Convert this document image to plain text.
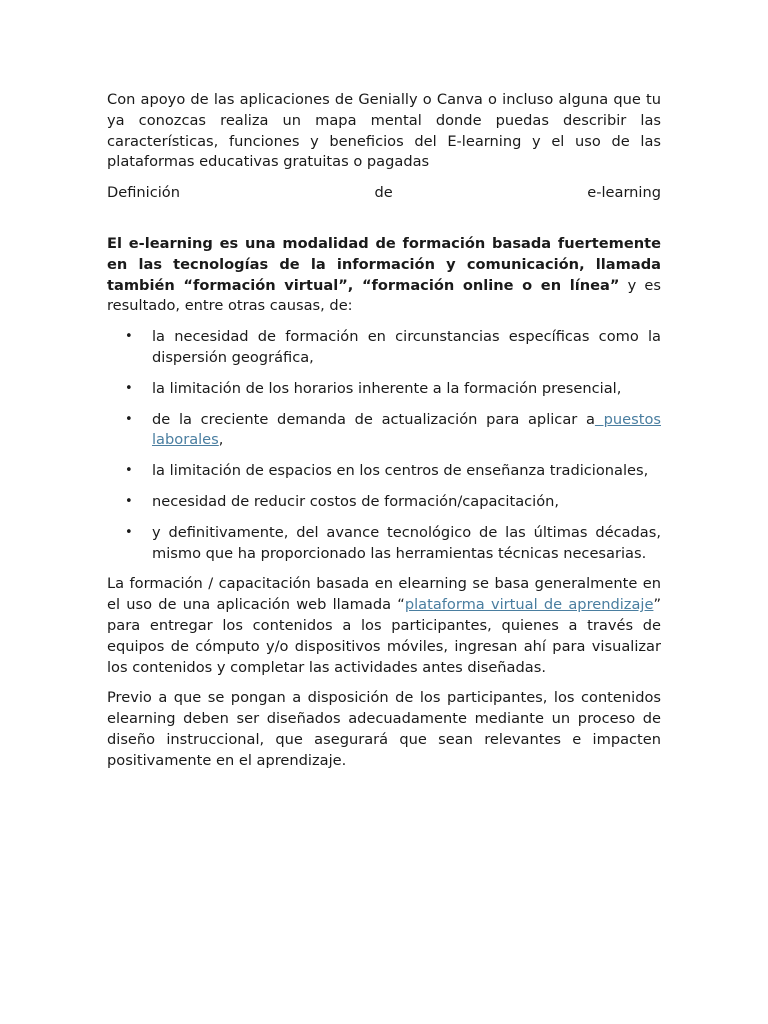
Con apoyo de las aplicaciones de Genially o Canva o incluso alguna que tu ya conozcas realiza un mapa mental donde puedas describir las características, funciones y beneficios del E-learning y el uso de las plataformas educativas gratuitas o pagadas

Definición	de	e-learning

El e-learning es una modalidad de formación basada fuertemente en las tecnologías de la información y comunicación, llamada también “formación virtual”, “formación online o en línea” y es resultado, entre otras causas, de:

• la necesidad de formación en circunstancias específicas como la dispersión geográfica,
• la limitación de los horarios inherente a la formación presencial,
• de la creciente demanda de actualización para aplicar a puestos laborales,
• la limitación de espacios en los centros de enseñanza tradicionales,
• necesidad de reducir costos de formación/capacitación,
• y definitivamente, del avance tecnológico de las últimas décadas, mismo que ha proporcionado las herramientas técnicas necesarias.

La formación / capacitación basada en elearning se basa generalmente en el uso de una aplicación web llamada “plataforma virtual de aprendizaje” para entregar los contenidos a los participantes, quienes a través de equipos de cómputo y/o dispositivos móviles, ingresan ahí para visualizar los contenidos y completar las actividades antes diseñadas.

Previo a que se pongan a disposición de los participantes, los contenidos elearning deben ser diseñados adecuadamente mediante un proceso de diseño instruccional, que asegurará que sean relevantes e impacten positivamente en el aprendizaje.
